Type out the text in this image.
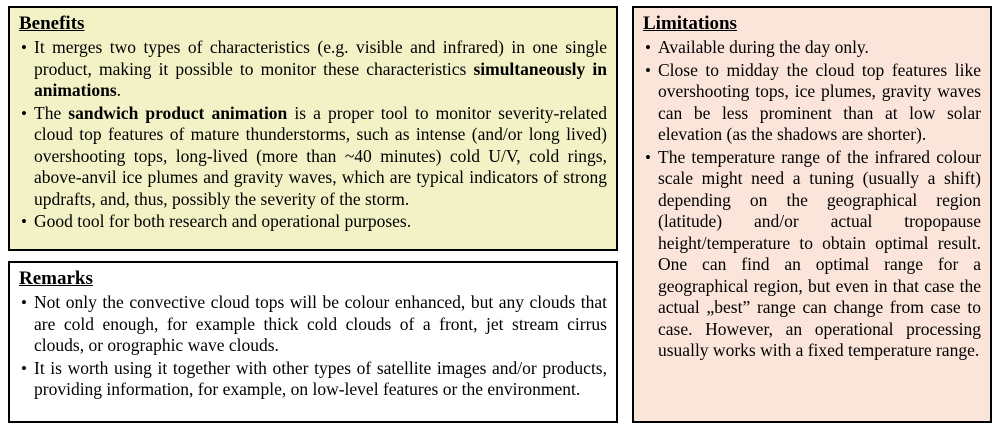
Benefits
• It merges two types of characteristics (e.g. visible and infrared) in one single product, making it possible to monitor these characteristics simultaneously in animations.
• The sandwich product animation is a proper tool to monitor severity-related cloud top features of mature thunderstorms, such as intense (and/or long lived) overshooting tops, long-lived (more than ~40 minutes) cold U/V, cold rings, above-anvil ice plumes and gravity waves, which are typical indicators of strong updrafts, and, thus, possibly the severity of the storm.
• Good tool for both research and operational purposes.
Remarks
• Not only the convective cloud tops will be colour enhanced, but any clouds that are cold enough, for example thick cold clouds of a front, jet stream cirrus clouds, or orographic wave clouds.
• It is worth using it together with other types of satellite images and/or products, providing information, for example, on low-level features or the environment.
Limitations
• Available during the day only.
• Close to midday the cloud top features like overshooting tops, ice plumes, gravity waves can be less prominent than at low solar elevation (as the shadows are shorter).
• The temperature range of the infrared colour scale might need a tuning (usually a shift) depending on the geographical region (latitude) and/or actual tropopause height/temperature to obtain optimal result. One can find an optimal range for a geographical region, but even in that case the actual „best” range can change from case to case. However, an operational processing usually works with a fixed temperature range.
